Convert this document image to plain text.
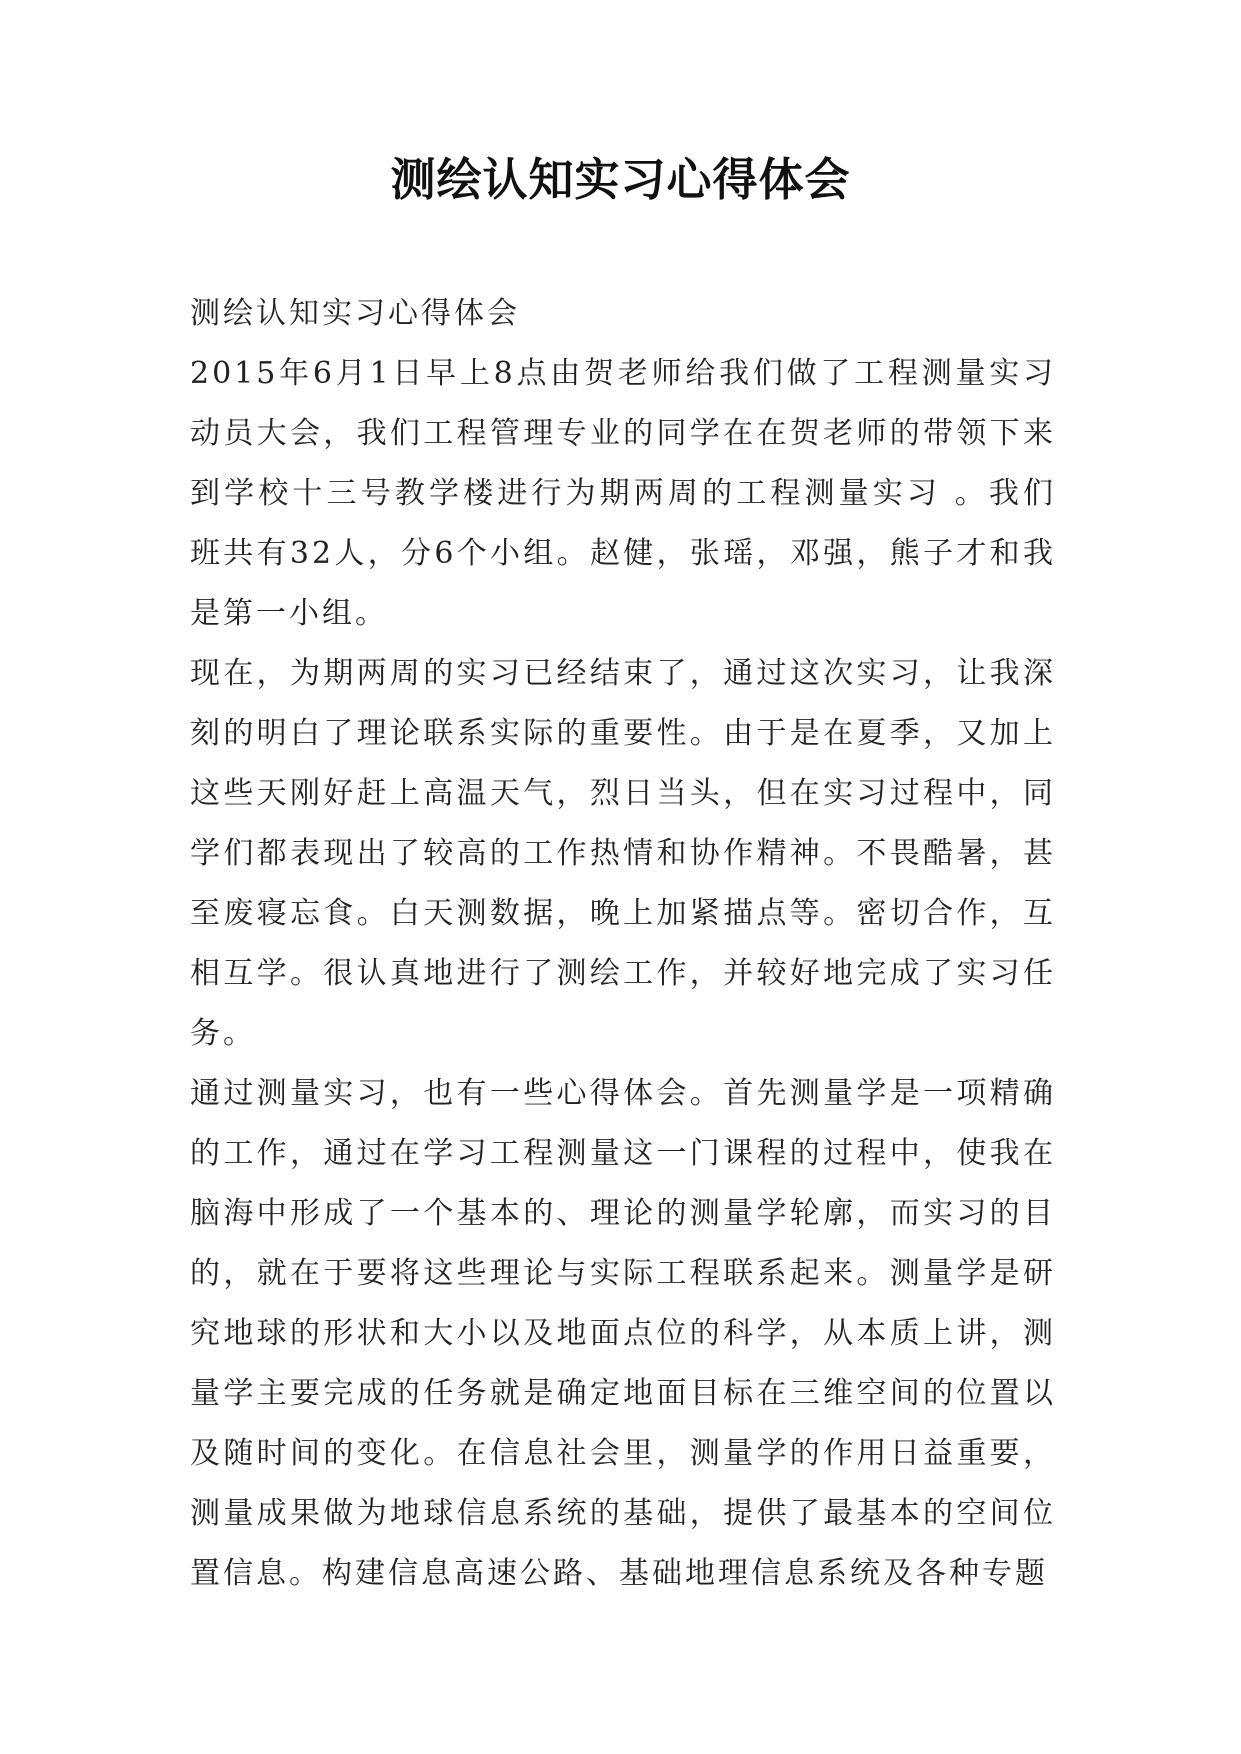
测绘认知实习心得体会

测绘认知实习心得体会

2015年6月1日早上8点由贺老师给我们做了工程测量实习动员大会，我们工程管理专业的同学在在贺老师的带领下来到学校十三号教学楼进行为期两周的工程测量实习 。我们班共有32人，分6个小组。赵健，张瑶，邓强，熊子才和我是第一小组。

现在，为期两周的实习已经结束了，通过这次实习，让我深刻的明白了理论联系实际的重要性。由于是在夏季，又加上这些天刚好赶上高温天气，烈日当头，但在实习过程中，同学们都表现出了较高的工作热情和协作精神。不畏酷暑，甚至废寝忘食。白天测数据，晚上加紧描点等。密切合作，互相互学。很认真地进行了测绘工作，并较好地完成了实习任务。

通过测量实习，也有一些心得体会。首先测量学是一项精确的工作，通过在学习工程测量这一门课程的过程中，使我在脑海中形成了一个基本的、理论的测量学轮廓，而实习的目的，就在于要将这些理论与实际工程联系起来。测量学是研究地球的形状和大小以及地面点位的科学，从本质上讲，测量学主要完成的任务就是确定地面目标在三维空间的位置以及随时间的变化。在信息社会里，测量学的作用日益重要，测量成果做为地球信息系统的基础，提供了最基本的空间位置信息。构建信息高速公路、基础地理信息系统及各种专题
